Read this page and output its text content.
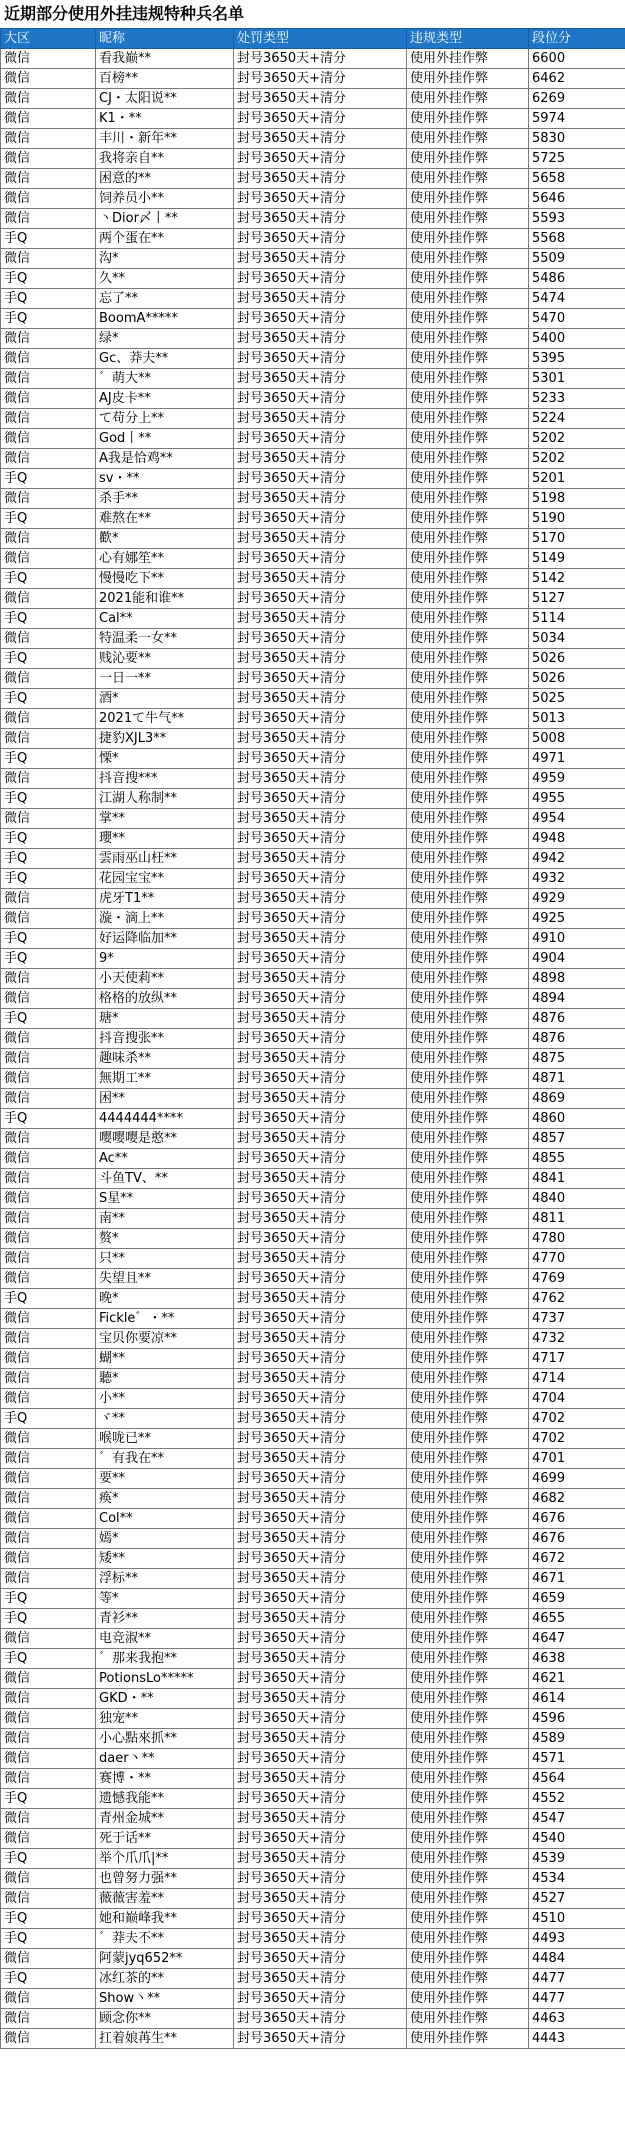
近期部分使用外挂违规特种兵名单
大区	昵称	处罚类型	违规类型	段位分
微信	看我巅**	封号3650天+清分	使用外挂作弊	6600
微信	百榜**	封号3650天+清分	使用外挂作弊	6462
微信	CJ・太阳说**	封号3650天+清分	使用外挂作弊	6269
微信	K1・**	封号3650天+清分	使用外挂作弊	5974
微信	丰川・新年**	封号3650天+清分	使用外挂作弊	5830
微信	我将亲自**	封号3650天+清分	使用外挂作弊	5725
微信	困意的**	封号3650天+清分	使用外挂作弊	5658
微信	饲养员小**	封号3650天+清分	使用外挂作弊	5646
微信	丶Dior〆丨**	封号3650天+清分	使用外挂作弊	5593
手Q	两个蛋在**	封号3650天+清分	使用外挂作弊	5568
微信	沟*	封号3650天+清分	使用外挂作弊	5509
手Q	久**	封号3650天+清分	使用外挂作弊	5486
手Q	忘了**	封号3650天+清分	使用外挂作弊	5474
手Q	BoomA*****	封号3650天+清分	使用外挂作弊	5470
微信	绿*	封号3650天+清分	使用外挂作弊	5400
微信	Gc、莽夫**	封号3650天+清分	使用外挂作弊	5395
微信	゛萌大**	封号3650天+清分	使用外挂作弊	5301
微信	AJ皮卡**	封号3650天+清分	使用外挂作弊	5233
微信	て苟分上**	封号3650天+清分	使用外挂作弊	5224
微信	God丨**	封号3650天+清分	使用外挂作弊	5202
微信	A我是恰鸡**	封号3650天+清分	使用外挂作弊	5202
手Q	sv・**	封号3650天+清分	使用外挂作弊	5201
微信	杀手**	封号3650天+清分	使用外挂作弊	5198
手Q	难熬在**	封号3650天+清分	使用外挂作弊	5190
微信	歡*	封号3650天+清分	使用外挂作弊	5170
微信	心有娜笙**	封号3650天+清分	使用外挂作弊	5149
手Q	慢慢吃下**	封号3650天+清分	使用外挂作弊	5142
微信	2021能和谁**	封号3650天+清分	使用外挂作弊	5127
手Q	Cal**	封号3650天+清分	使用外挂作弊	5114
微信	特温柔一女**	封号3650天+清分	使用外挂作弊	5034
手Q	贱沁要**	封号3650天+清分	使用外挂作弊	5026
微信	一日一**	封号3650天+清分	使用外挂作弊	5026
手Q	酒*	封号3650天+清分	使用外挂作弊	5025
微信	2021て牛气**	封号3650天+清分	使用外挂作弊	5013
微信	捷豹XJL3**	封号3650天+清分	使用外挂作弊	5008
手Q	慄*	封号3650天+清分	使用外挂作弊	4971
微信	抖音搜***	封号3650天+清分	使用外挂作弊	4959
手Q	江湖人称制**	封号3650天+清分	使用外挂作弊	4955
微信	掌**	封号3650天+清分	使用外挂作弊	4954
手Q	瓔**	封号3650天+清分	使用外挂作弊	4948
手Q	雲雨巫山枉**	封号3650天+清分	使用外挂作弊	4942
手Q	花园宝宝**	封号3650天+清分	使用外挂作弊	4932
微信	虎牙T1**	封号3650天+清分	使用外挂作弊	4929
微信	漩・滴上**	封号3650天+清分	使用外挂作弊	4925
手Q	好运降临加**	封号3650天+清分	使用外挂作弊	4910
手Q	9*	封号3650天+清分	使用外挂作弊	4904
微信	小天使莉**	封号3650天+清分	使用外挂作弊	4898
微信	格格的放纵**	封号3650天+清分	使用外挂作弊	4894
手Q	瑭*	封号3650天+清分	使用外挂作弊	4876
微信	抖音搜张**	封号3650天+清分	使用外挂作弊	4876
微信	趣味杀**	封号3650天+清分	使用外挂作弊	4875
微信	無期工**	封号3650天+清分	使用外挂作弊	4871
微信	困**	封号3650天+清分	使用外挂作弊	4869
手Q	4444444****	封号3650天+清分	使用外挂作弊	4860
微信	嘤嘤嘤是憨**	封号3650天+清分	使用外挂作弊	4857
微信	Ac**	封号3650天+清分	使用外挂作弊	4855
微信	斗鱼TV、**	封号3650天+清分	使用外挂作弊	4841
微信	S星**	封号3650天+清分	使用外挂作弊	4840
微信	南**	封号3650天+清分	使用外挂作弊	4811
微信	赘*	封号3650天+清分	使用外挂作弊	4780
微信	只**	封号3650天+清分	使用外挂作弊	4770
微信	失望且**	封号3650天+清分	使用外挂作弊	4769
手Q	晚*	封号3650天+清分	使用外挂作弊	4762
微信	Fickle゛・**	封号3650天+清分	使用外挂作弊	4737
微信	宝贝你要凉**	封号3650天+清分	使用外挂作弊	4732
微信	蝴**	封号3650天+清分	使用外挂作弊	4717
微信	聽*	封号3650天+清分	使用外挂作弊	4714
微信	小**	封号3650天+清分	使用外挂作弊	4704
手Q	ヾ**	封号3650天+清分	使用外挂作弊	4702
微信	喉咙已**	封号3650天+清分	使用外挂作弊	4702
微信	゛有我在**	封号3650天+清分	使用外挂作弊	4701
微信	要**	封号3650天+清分	使用外挂作弊	4699
微信	痪*	封号3650天+清分	使用外挂作弊	4682
微信	Col**	封号3650天+清分	使用外挂作弊	4676
微信	嫣*	封号3650天+清分	使用外挂作弊	4676
微信	矮**	封号3650天+清分	使用外挂作弊	4672
微信	浮标**	封号3650天+清分	使用外挂作弊	4671
手Q	等*	封号3650天+清分	使用外挂作弊	4659
手Q	青衫**	封号3650天+清分	使用外挂作弊	4655
微信	电竞淑**	封号3650天+清分	使用外挂作弊	4647
手Q	゛那来我抱**	封号3650天+清分	使用外挂作弊	4638
微信	PotionsLo*****	封号3650天+清分	使用外挂作弊	4621
微信	GKD・**	封号3650天+清分	使用外挂作弊	4614
微信	独宠**	封号3650天+清分	使用外挂作弊	4596
微信	小心點來抓**	封号3650天+清分	使用外挂作弊	4589
微信	daer丶**	封号3650天+清分	使用外挂作弊	4571
微信	赛博・**	封号3650天+清分	使用外挂作弊	4564
手Q	遗憾我能**	封号3650天+清分	使用外挂作弊	4552
微信	青州金城**	封号3650天+清分	使用外挂作弊	4547
微信	死于话**	封号3650天+清分	使用外挂作弊	4540
手Q	举个爪爪|**	封号3650天+清分	使用外挂作弊	4539
微信	也曾努力强**	封号3650天+清分	使用外挂作弊	4534
微信	薇薇害羞**	封号3650天+清分	使用外挂作弊	4527
手Q	她和巅峰我**	封号3650天+清分	使用外挂作弊	4510
手Q	゛莽夫不**	封号3650天+清分	使用外挂作弊	4493
微信	阿蒙jyq652**	封号3650天+清分	使用外挂作弊	4484
手Q	冰红茶的**	封号3650天+清分	使用外挂作弊	4477
微信	Show丶**	封号3650天+清分	使用外挂作弊	4477
微信	顾念你**	封号3650天+清分	使用外挂作弊	4463
微信	扛着娘苒生**	封号3650天+清分	使用外挂作弊	4443
